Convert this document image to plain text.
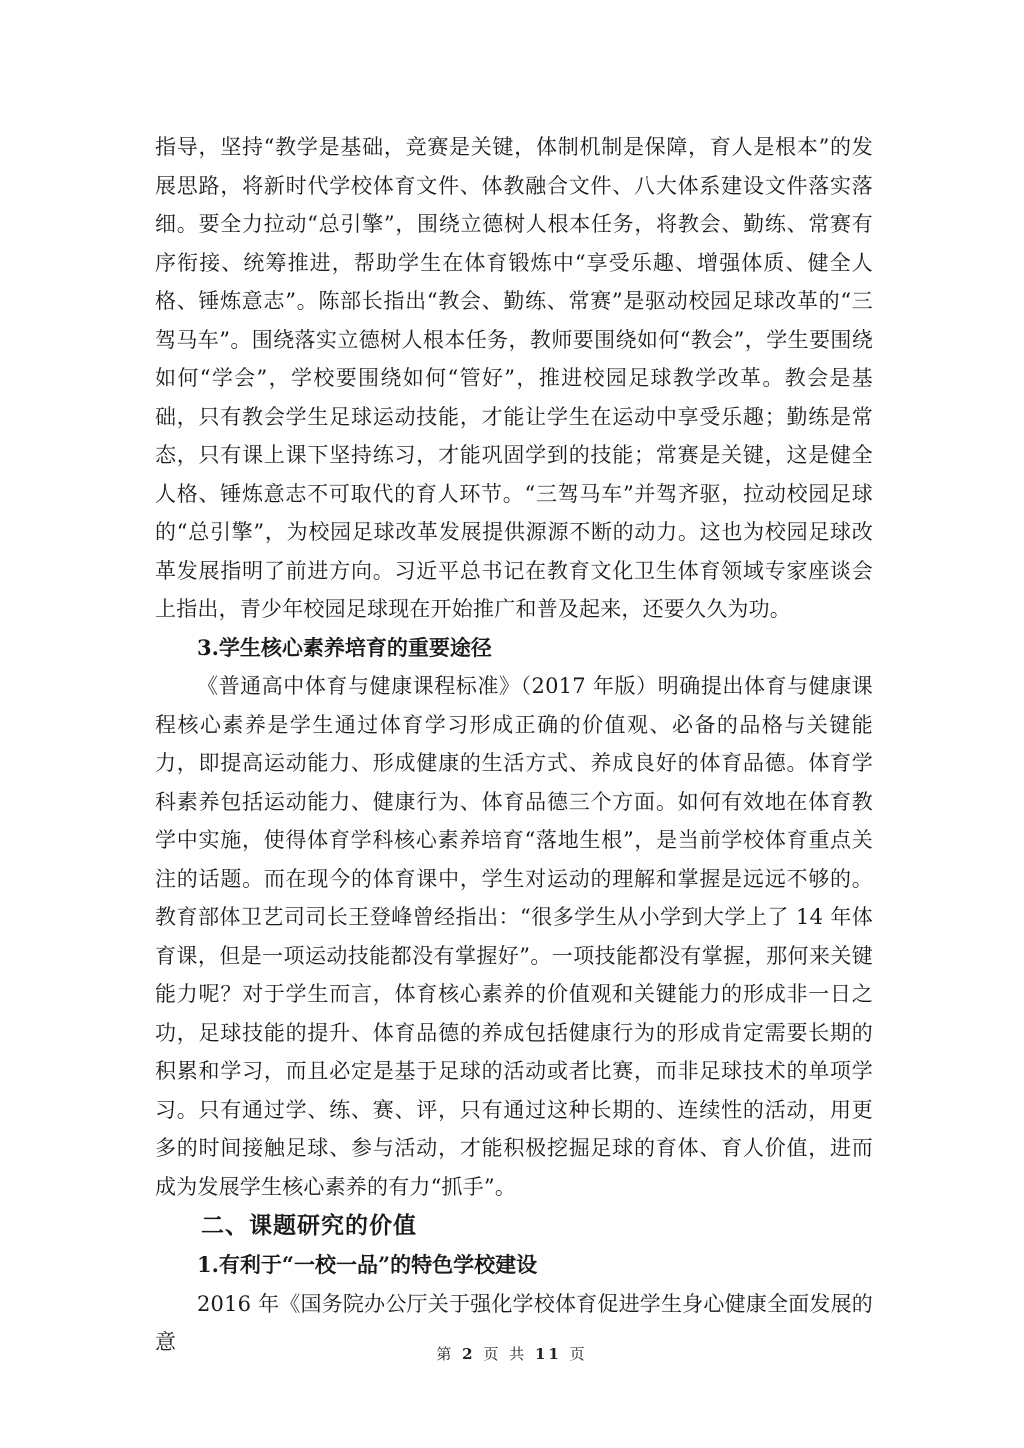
指导，坚持“教学是基础，竞赛是关键，体制机制是保障，育人是根本”的发展思路，将新时代学校体育文件、体教融合文件、八大体系建设文件落实落细。要全力拉动“总引擎”，围绕立德树人根本任务，将教会、勤练、常赛有序衔接、统筹推进，帮助学生在体育锻炼中“享受乐趣、增强体质、健全人格、锤炼意志”。陈部长指出“教会、勤练、常赛”是驱动校园足球改革的“三驾马车”。围绕落实立德树人根本任务，教师要围绕如何“教会”，学生要围绕如何“学会”，学校要围绕如何“管好”，推进校园足球教学改革。教会是基础，只有教会学生足球运动技能，才能让学生在运动中享受乐趣；勤练是常态，只有课上课下坚持练习，才能巩固学到的技能；常赛是关键，这是健全人格、锤炼意志不可取代的育人环节。“三驾马车”并驾齐驱，拉动校园足球的“总引擎”，为校园足球改革发展提供源源不断的动力。这也为校园足球改革发展指明了前进方向。习近平总书记在教育文化卫生体育领域专家座谈会上指出，青少年校园足球现在开始推广和普及起来，还要久久为功。

3.学生核心素养培育的重要途径

《普通高中体育与健康课程标准》（2017 年版）明确提出体育与健康课程核心素养是学生通过体育学习形成正确的价值观、必备的品格与关键能力，即提高运动能力、形成健康的生活方式、养成良好的体育品德。体育学科素养包括运动能力、健康行为、体育品德三个方面。如何有效地在体育教学中实施，使得体育学科核心素养培育“落地生根”，是当前学校体育重点关注的话题。而在现今的体育课中，学生对运动的理解和掌握是远远不够的。教育部体卫艺司司长王登峰曾经指出：“很多学生从小学到大学上了 14 年体育课，但是一项运动技能都没有掌握好”。一项技能都没有掌握，那何来关键能力呢？对于学生而言，体育核心素养的价值观和关键能力的形成非一日之功，足球技能的提升、体育品德的养成包括健康行为的形成肯定需要长期的积累和学习，而且必定是基于足球的活动或者比赛，而非足球技术的单项学习。只有通过学、练、赛、评，只有通过这种长期的、连续性的活动，用更多的时间接触足球、参与活动，才能积极挖掘足球的育体、育人价值，进而成为发展学生核心素养的有力“抓手”。

二、课题研究的价值

1.有利于“一校一品”的特色学校建设

2016 年《国务院办公厅关于强化学校体育促进学生身心健康全面发展的意	第 2 页 共 11 页
